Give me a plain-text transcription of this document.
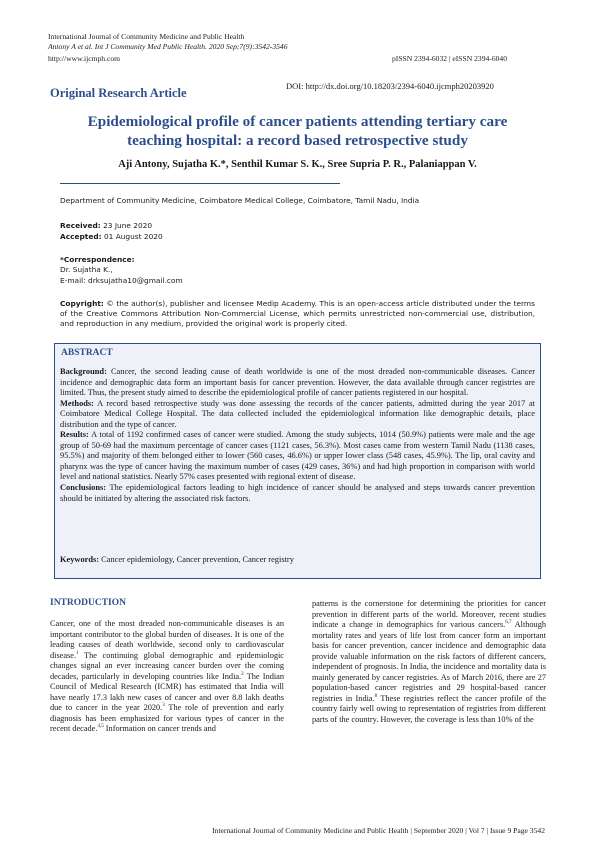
International Journal of Community Medicine and Public Health
Antony A et al. Int J Community Med Public Health. 2020 Sep;7(9):3542-3546
http://www.ijcmph.com	pISSN 2394-6032 | eISSN 2394-6040
DOI: http://dx.doi.org/10.18203/2394-6040.ijcmph20203920
Original Research Article
Epidemiological profile of cancer patients attending tertiary care
teaching hospital: a record based retrospective study
Aji Antony, Sujatha K.*, Senthil Kumar S. K., Sree Supria P. R., Palaniappan V.
Department of Community Medicine, Coimbatore Medical College, Coimbatore, Tamil Nadu, India
Received: 23 June 2020
Accepted: 01 August 2020
*Correspondence:
Dr. Sujatha K.,
E-mail: drksujatha10@gmail.com
Copyright: © the author(s), publisher and licensee Medip Academy. This is an open-access article distributed under the terms of the Creative Commons Attribution Non-Commercial License, which permits unrestricted non-commercial use, distribution, and reproduction in any medium, provided the original work is properly cited.
ABSTRACT

Background: Cancer, the second leading cause of death worldwide is one of the most dreaded non-communicable diseases. Cancer incidence and demographic data form an important basis for cancer prevention. However, the data available through cancer registries are limited. Thus, the present study aimed to describe the epidemiological profile of cancer patients registered in our hospital.

Methods: A record based retrospective study was done assessing the records of the cancer patients, admitted during the year 2017 at Coimbatore Medical College Hospital. The data collected included the epidemiological information like demographic details, place distribution and the type of cancer.

Results: A total of 1192 confirmed cases of cancer were studied. Among the study subjects, 1014 (50.9%) patients were male and the age group of 50-69 had the maximum percentage of cancer cases (1121 cases, 56.3%). Most cases came from western Tamil Nadu (1138 cases, 95.5%) and majority of them belonged either to lower (560 cases, 46.6%) or upper lower class (548 cases, 45.9%). The lip, oral cavity and pharynx was the type of cancer having the maximum number of cases (429 cases, 36%) and had high proportion in comparison with world level and national statistics. Nearly 57% cases presented with regional extent of disease.

Conclusions: The epidemiological factors leading to high incidence of cancer should be analysed and steps towards cancer prevention should be initiated by altering the associated risk factors.

Keywords: Cancer epidemiology, Cancer prevention, Cancer registry
INTRODUCTION

Cancer, one of the most dreaded non-communicable diseases is an important contributor to the global burden of diseases. It is one of the leading causes of death worldwide, second only to cardiovascular disease.$^1$ The continuing global demographic and epidemiologic changes signal an ever increasing cancer burden over the coming decades, particularly in developing countries like India.$^2$ The Indian Council of Medical Research (ICMR) has estimated that India will have nearly 17.3 lakh new cases of cancer and over 8.8 lakh deaths due to cancer in the year 2020.$^3$ The role of prevention and early diagnosis has been emphasized for various types of cancer in the recent decade.$^{4,5}$ Information on cancer trends and

patterns is the cornerstone for determining the priorities for cancer prevention in different parts of the world. Moreover, recent studies indicate a change in demographics for various cancers.$^{6,7}$ Although mortality rates and years of life lost from cancer form an important basis for cancer prevention, cancer incidence and demographic data provide valuable information on the risk factors of different cancers, independent of prognosis. In India, the incidence and mortality data is mainly generated by cancer registries. As of March 2016, there are 27 population-based cancer registries and 29 hospital-based cancer registries in India.$^8$ These registries reflect the cancer profile of the country fairly well owing to representation of registries from different parts of the country. However, the coverage is less than 10% of the

International Journal of Community Medicine and Public Health | September 2020 | Vol 7 | Issue 9 Page 3542
